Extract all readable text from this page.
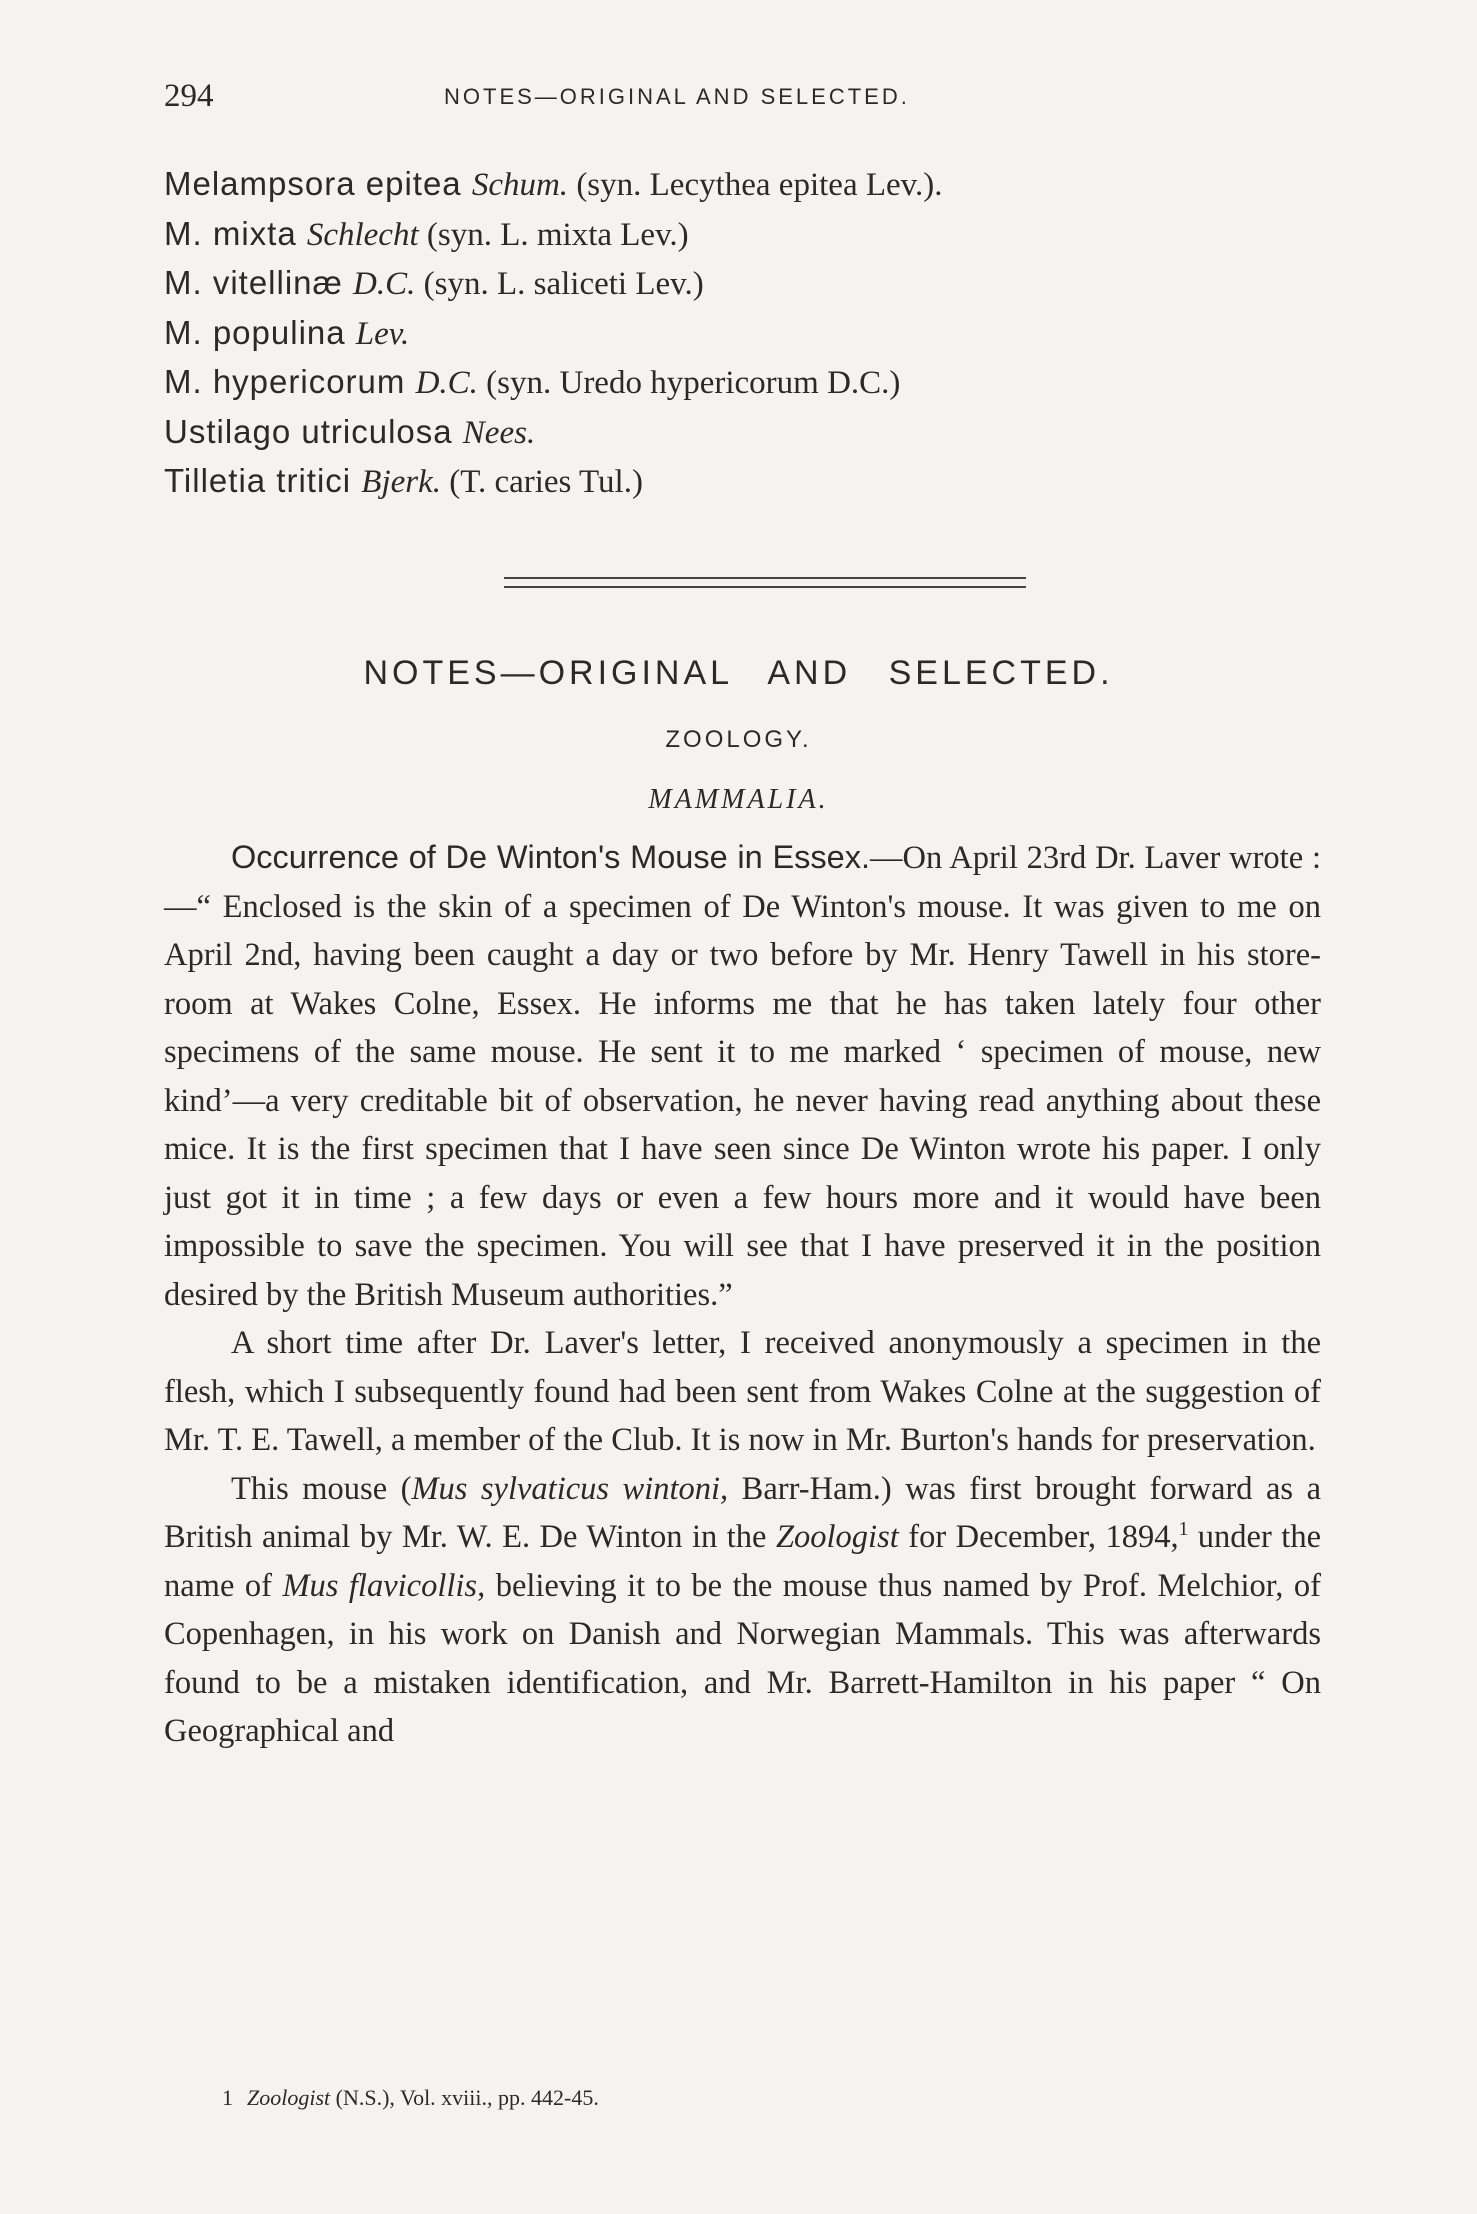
294	NOTES—ORIGINAL AND SELECTED.
Melampsora epitea Schum. (syn. Lecythea epitea Lev.).
M. mixta Schlecht (syn. L. mixta Lev.)
M. vitellinæ D.C. (syn. L. saliceti Lev.)
M. populina Lev.
M. hypericorum D.C. (syn. Uredo hypericorum D.C.)
Ustilago utriculosa Nees.
Tilletia tritici Bjerk. (T. caries Tul.)
NOTES—ORIGINAL AND SELECTED.
ZOOLOGY.
MAMMALIA.

Occurrence of De Winton's Mouse in Essex.—On April 23rd Dr. Laver wrote :—“ Enclosed is the skin of a specimen of De Winton's mouse. It was given to me on April 2nd, having been caught a day or two before by Mr. Henry Tawell in his store-room at Wakes Colne, Essex. He informs me that he has taken lately four other specimens of the same mouse. He sent it to me marked ‘ specimen of mouse, new kind’—a very creditable bit of observation, he never having read anything about these mice. It is the first specimen that I have seen since De Winton wrote his paper. I only just got it in time ; a few days or even a few hours more and it would have been impossible to save the specimen. You will see that I have preserved it in the position desired by the British Museum authorities.”

A short time after Dr. Laver's letter, I received anonymously a specimen in the flesh, which I subsequently found had been sent from Wakes Colne at the suggestion of Mr. T. E. Tawell, a member of the Club. It is now in Mr. Burton's hands for preservation.

This mouse (Mus sylvaticus wintoni, Barr-Ham.) was first brought forward as a British animal by Mr. W. E. De Winton in the Zoologist for December, 1894,$^1$ under the name of Mus flavicollis, believing it to be the mouse thus named by Prof. Melchior, of Copenhagen, in his work on Danish and Norwegian Mammals. This was afterwards found to be a mistaken identification, and Mr. Barrett-Hamilton in his paper “ On Geographical and

1 Zoologist (N.S.), Vol. xviii., pp. 442-45.
